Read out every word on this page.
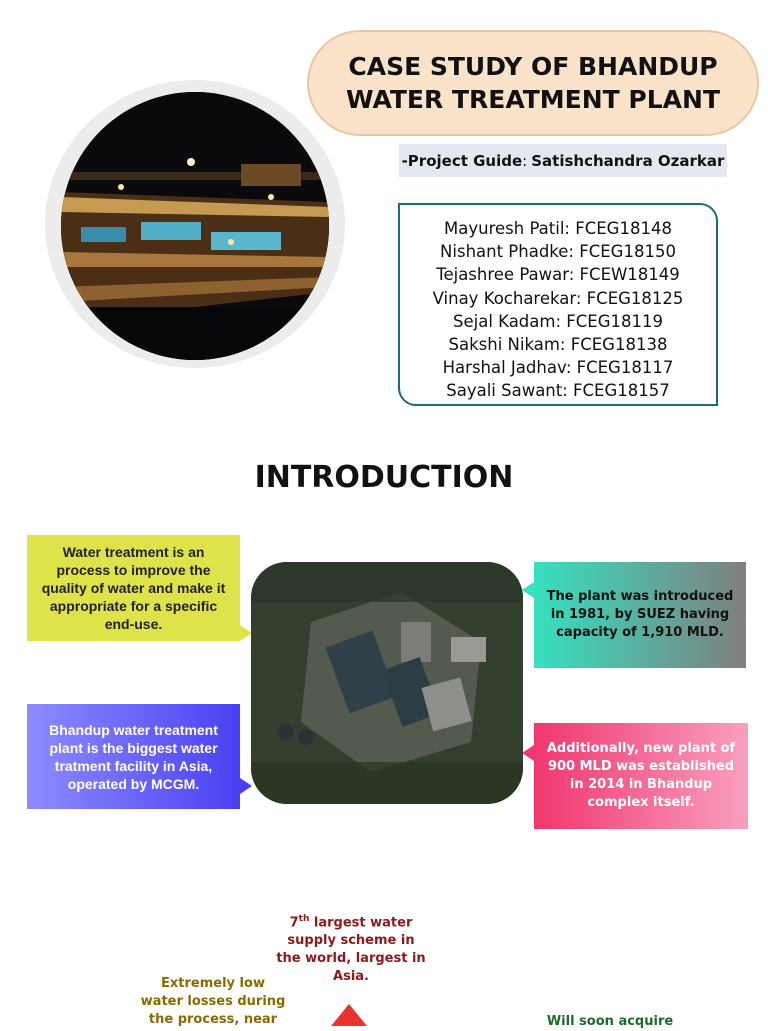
CASE STUDY OF BHANDUP
WATER TREATMENT PLANT
-Project Guide : Satishchandra Ozarkar
Mayuresh Patil: FCEG18148
Nishant Phadke: FCEG18150
Tejashree Pawar: FCEW18149
Vinay Kocharekar: FCEG18125
Sejal Kadam: FCEG18119
Sakshi Nikam: FCEG18138
Harshal Jadhav: FCEG18117
Sayali Sawant: FCEG18157
INTRODUCTION
Water treatment is an process to improve the quality of water and make it appropriate for a specific end-use.
Bhandup water treatment plant is the biggest water tratment facility in Asia, operated by MCGM.
The plant was introduced in 1981, by SUEZ having capacity of 1,910 MLD.
Additionally, new plant of 900 MLD was established in 2014 in Bhandup complex itself.
7th largest water supply scheme in the world, largest in Asia.
Extremely low water losses during the process, near	Will soon acquire
